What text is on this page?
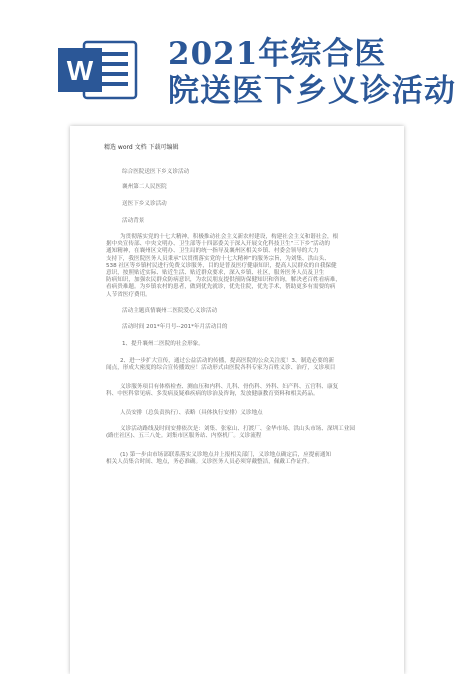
W 2021年综合医
院送医下乡义诊活动
精选 word 文档 下载可编辑
综合医院送医下乡义诊活动
襄州第二人民医院
送医下乡义诊活动
活动背景
为贯彻落实党的十七大精神，积极推动社会主义新农村建设，构建社会主义和谐社会，根
据中央宣传部、中央文明办、卫生部等十四部委关于深入开展文化科技卫生“三下乡”活动的
通知精神，在襄州区文明办、卫生局的统一指导及襄州区相关乡镇、村委会领导的大力
支持下，我医院医务人员秉承“以贯彻落实党的十七大精神”的服务宗旨，为刘集、洪山头、
538 社区等乡镇村民进行免费义诊服务，目的是普及医疗健康知识，提高人民群众的自我保健
意识，按照贴近实际、贴近生活、贴近群众要求，深入乡镇、社区，服务医务人员及卫生
防病知识，加强农民群众防病意识，为农民朋友提供预防保健知识和咨询，解决老百姓看病难，
看病贵难题。为乡镇农村的患者，做到优先就诊，优先住院，优先手术，帮助更多有需要的病
人节省医疗费用。
活动主题真情襄州二医院爱心义诊活动
活动时间 201*年月号--201*年月活动目的
1、提升襄州二医院的社会形象。
2、进一步扩大宣传，通过公益活动的传播，提高医院的公众关注度！3、制造必要的新
闻点，形成大密度的综合宣传播效应！活动形式由医院各科专家为百姓义诊、治疗，义诊项目
义诊服务项目有体格检查、测血压和内科、儿科、骨伤科、外科、妇产科、五官科、康复
科、中医科常见病、多发病及疑难疾病的诊治及咨询，发放健康教育资料和相关药品。
人员安排（总负责执行）、表略（具体执行安排）义诊地点
义诊活动路线及时间安排依次是：刘集、张家山、打渡厂、金华市场、洪山头市场、深圳工业园
(路庄社区)、五三八处。刘集市区服务站、内察机厂。义诊流程
(1) 第一步由市场部联系落实义诊地点并上报相关部门，义诊地点确定后，应提前通知
相关人员集合时间、地点，务必准确。义诊医务人员必须穿戴整洁，佩戴工作证件。
